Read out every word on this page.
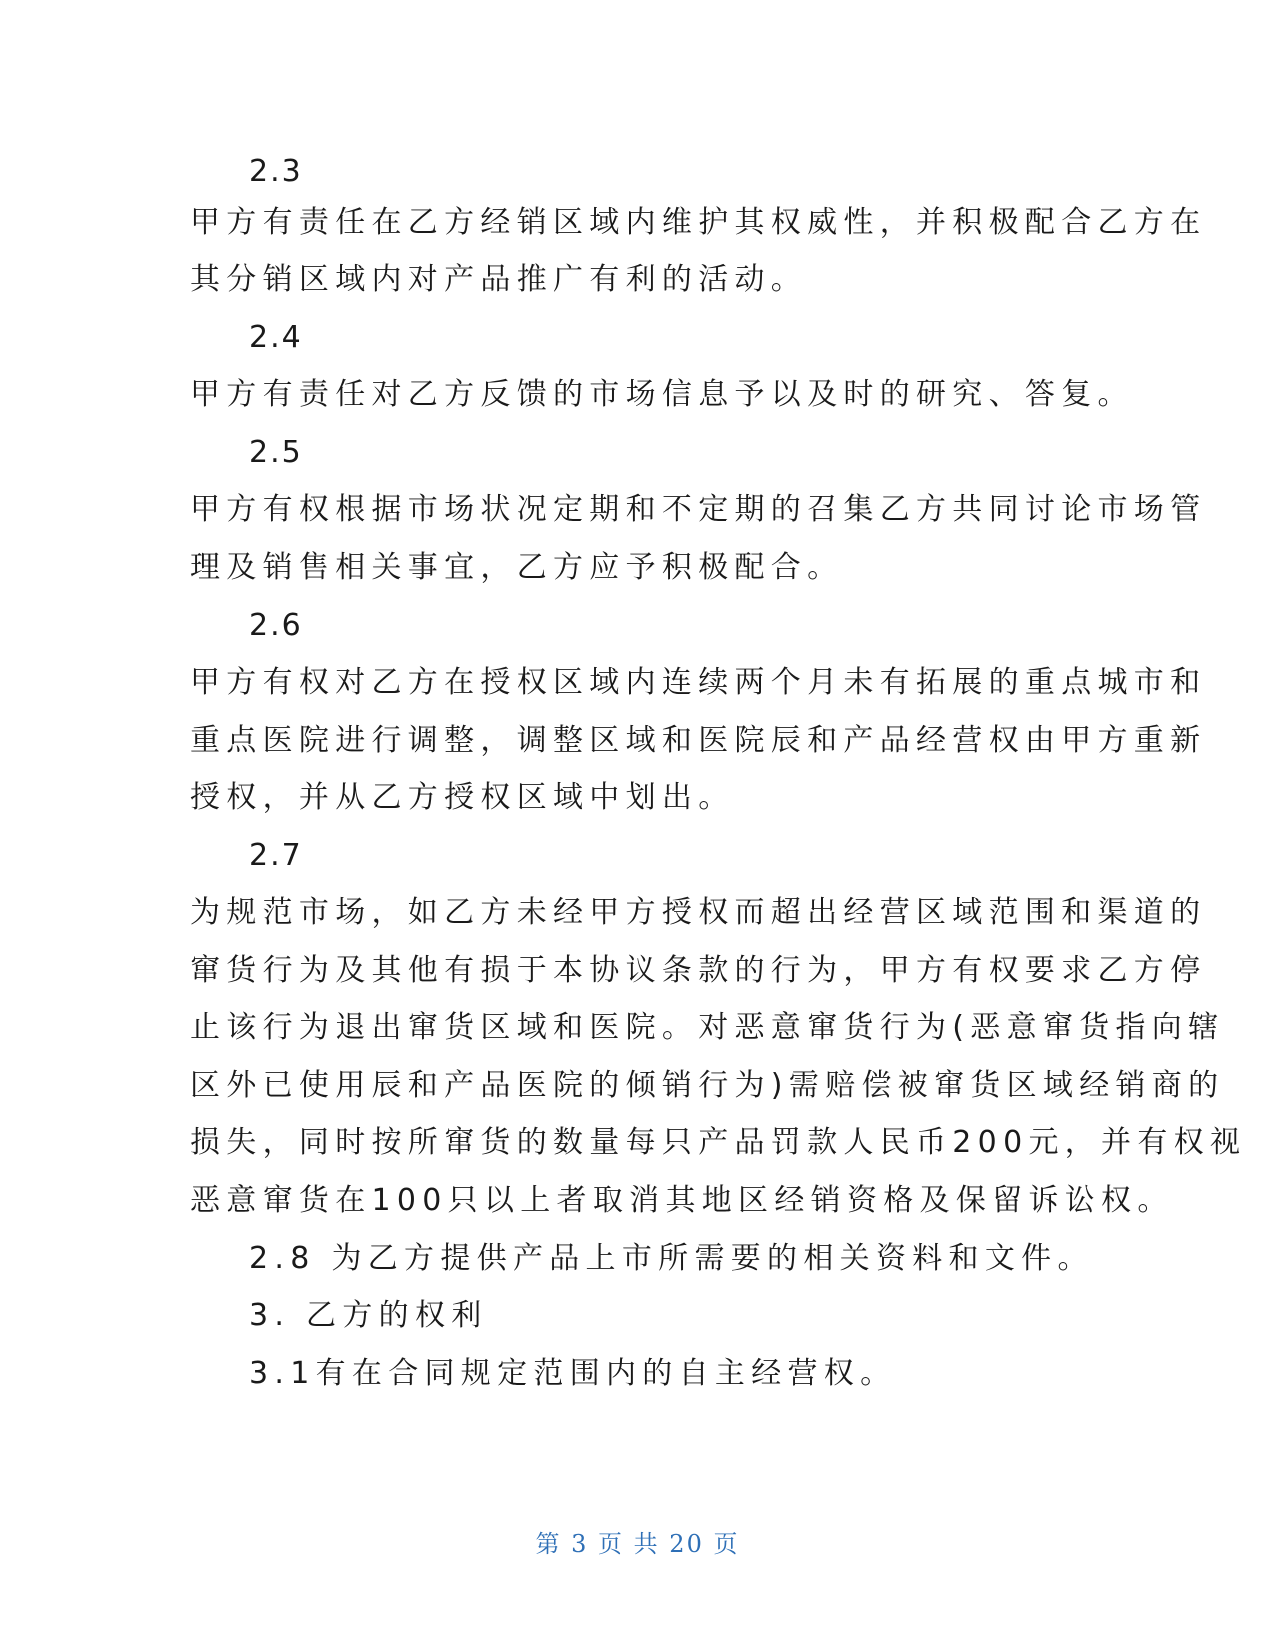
2.3
甲方有责任在乙方经销区域内维护其权威性，并积极配合乙方在
其分销区域内对产品推广有利的活动。
2.4
甲方有责任对乙方反馈的市场信息予以及时的研究、答复。
2.5
甲方有权根据市场状况定期和不定期的召集乙方共同讨论市场管
理及销售相关事宜，乙方应予积极配合。
2.6
甲方有权对乙方在授权区域内连续两个月未有拓展的重点城市和
重点医院进行调整，调整区域和医院辰和产品经营权由甲方重新
授权，并从乙方授权区域中划出。
2.7
为规范市场，如乙方未经甲方授权而超出经营区域范围和渠道的
窜货行为及其他有损于本协议条款的行为，甲方有权要求乙方停
止该行为退出窜货区域和医院。对恶意窜货行为(恶意窜货指向辖
区外已使用辰和产品医院的倾销行为)需赔偿被窜货区域经销商的
损失，同时按所窜货的数量每只产品罚款人民币200元，并有权视
恶意窜货在100只以上者取消其地区经销资格及保留诉讼权。
2.8 为乙方提供产品上市所需要的相关资料和文件。
3. 乙方的权利
3.1有在合同规定范围内的自主经营权。
第 3 页 共 20 页
